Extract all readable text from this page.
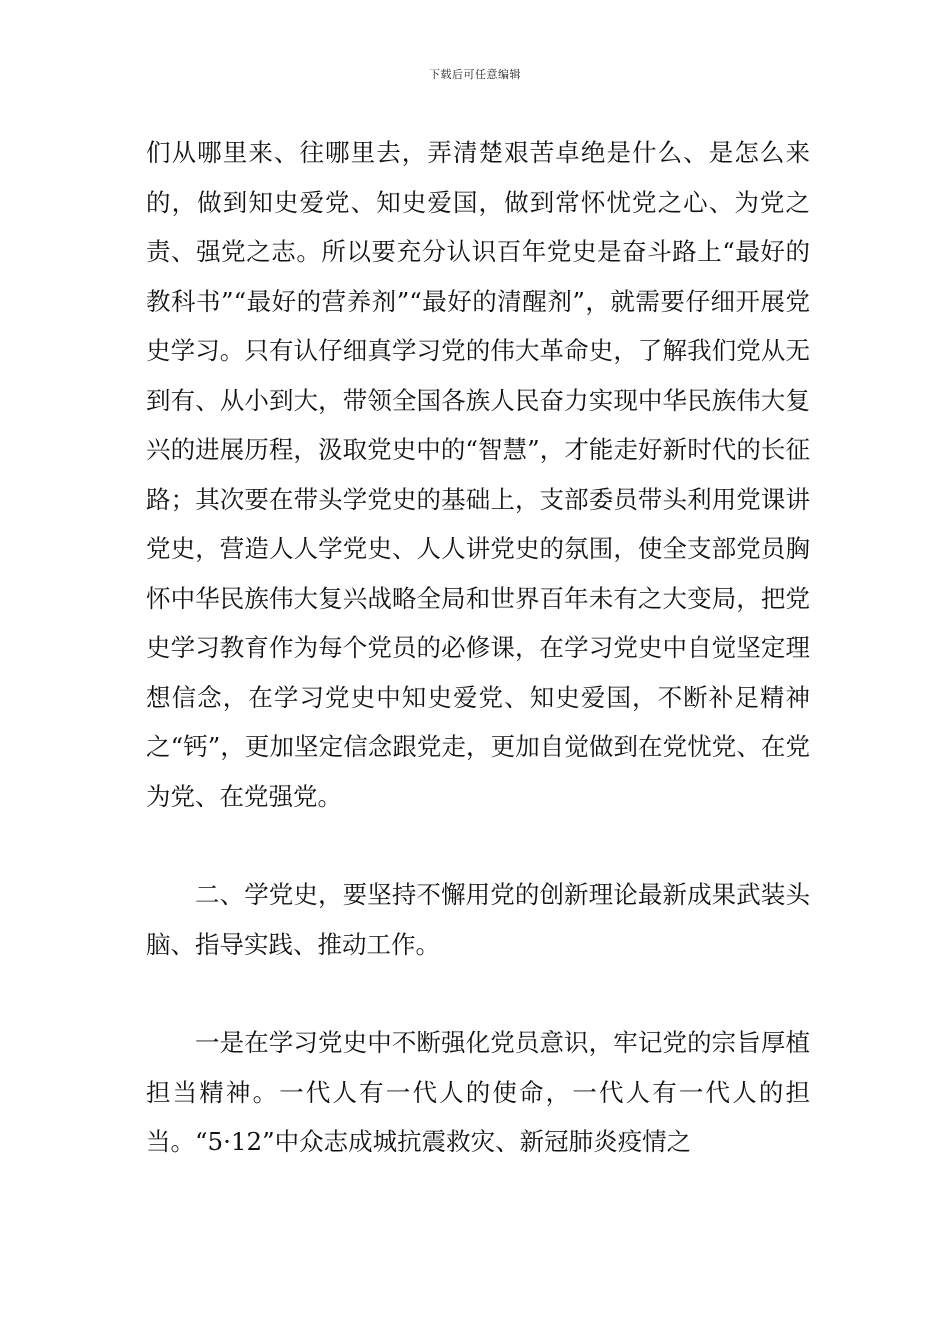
下载后可任意编辑

们从哪里来、往哪里去，弄清楚艰苦卓绝是什么、是怎么来的，做到知史爱党、知史爱国，做到常怀忧党之心、为党之责、强党之志。所以要充分认识百年党史是奋斗路上“最好的教科书”“最好的营养剂”“最好的清醒剂”，就需要仔细开展党史学习。只有认仔细真学习党的伟大革命史，了解我们党从无到有、从小到大，带领全国各族人民奋力实现中华民族伟大复兴的进展历程，汲取党史中的“智慧”，才能走好新时代的长征路；其次要在带头学党史的基础上，支部委员带头利用党课讲党史，营造人人学党史、人人讲党史的氛围，使全支部党员胸怀中华民族伟大复兴战略全局和世界百年未有之大变局，把党史学习教育作为每个党员的必修课，在学习党史中自觉坚定理想信念，在学习党史中知史爱党、知史爱国，不断补足精神之“钙”，更加坚定信念跟党走，更加自觉做到在党忧党、在党为党、在党强党。

二、学党史，要坚持不懈用党的创新理论最新成果武装头脑、指导实践、推动工作。

一是在学习党史中不断强化党员意识，牢记党的宗旨厚植担当精神。一代人有一代人的使命，一代人有一代人的担当。“5·12”中众志成城抗震救灾、新冠肺炎疫情之
